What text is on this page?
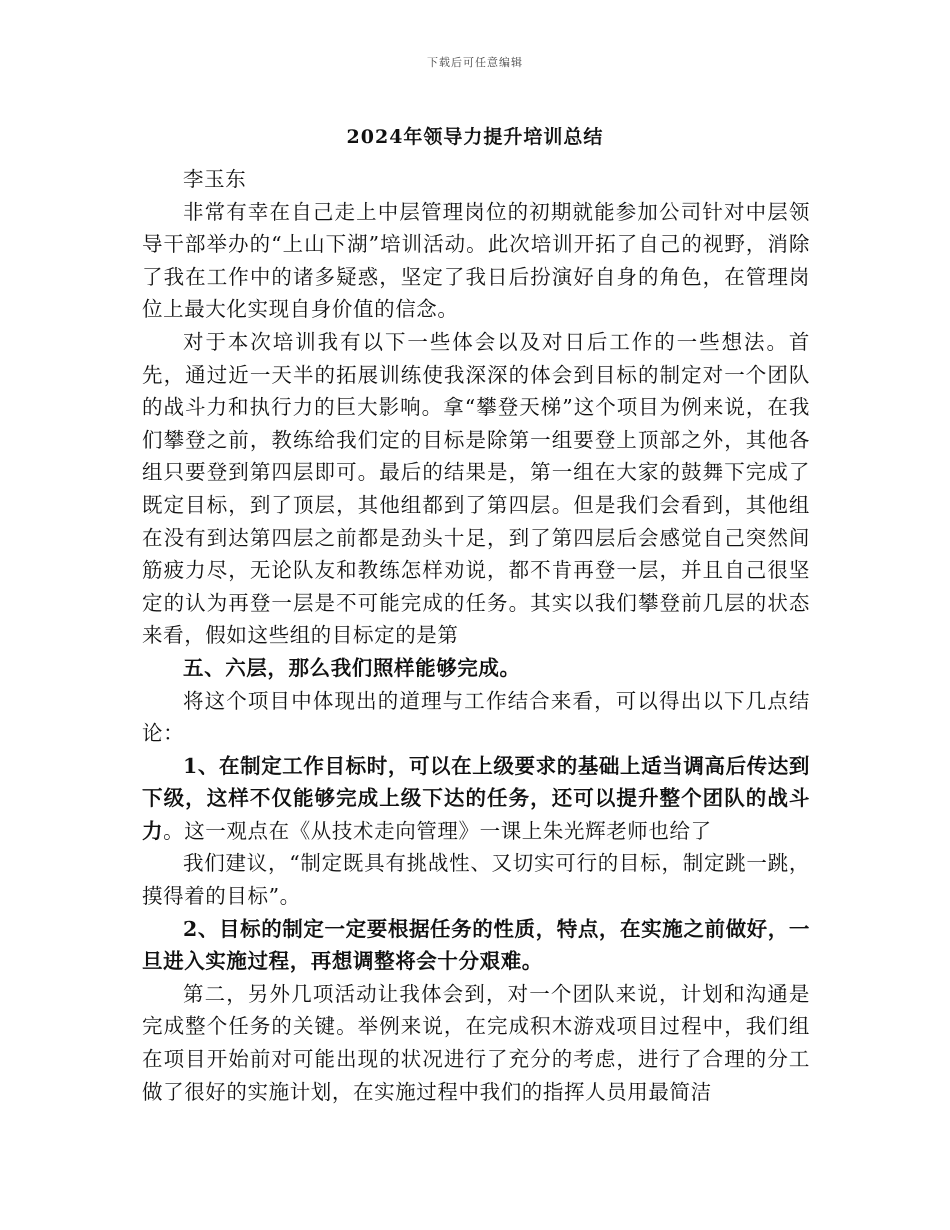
下载后可任意编辑
2024年领导力提升培训总结

李玉东

非常有幸在自己走上中层管理岗位的初期就能参加公司针对中层领导干部举办的“上山下湖”培训活动。此次培训开拓了自己的视野，消除了我在工作中的诸多疑惑，坚定了我日后扮演好自身的角色，在管理岗位上最大化实现自身价值的信念。

对于本次培训我有以下一些体会以及对日后工作的一些想法。首先，通过近一天半的拓展训练使我深深的体会到目标的制定对一个团队的战斗力和执行力的巨大影响。拿“攀登天梯”这个项目为例来说，在我们攀登之前，教练给我们定的目标是除第一组要登上顶部之外，其他各组只要登到第四层即可。最后的结果是，第一组在大家的鼓舞下完成了既定目标，到了顶层，其他组都到了第四层。但是我们会看到，其他组在没有到达第四层之前都是劲头十足，到了第四层后会感觉自己突然间筋疲力尽，无论队友和教练怎样劝说，都不肯再登一层，并且自己很坚定的认为再登一层是不可能完成的任务。其实以我们攀登前几层的状态来看，假如这些组的目标定的是第

五、六层，那么我们照样能够完成。

将这个项目中体现出的道理与工作结合来看，可以得出以下几点结论：

1、在制定工作目标时，可以在上级要求的基础上适当调高后传达到下级，这样不仅能够完成上级下达的任务，还可以提升整个团队的战斗力。这一观点在《从技术走向管理》一课上朱光辉老师也给了

我们建议，“制定既具有挑战性、又切实可行的目标，制定跳一跳，摸得着的目标”。

2、目标的制定一定要根据任务的性质，特点，在实施之前做好，一旦进入实施过程，再想调整将会十分艰难。

第二，另外几项活动让我体会到，对一个团队来说，计划和沟通是完成整个任务的关键。举例来说，在完成积木游戏项目过程中，我们组在项目开始前对可能出现的状况进行了充分的考虑，进行了合理的分工做了很好的实施计划，在实施过程中我们的指挥人员用最简洁
